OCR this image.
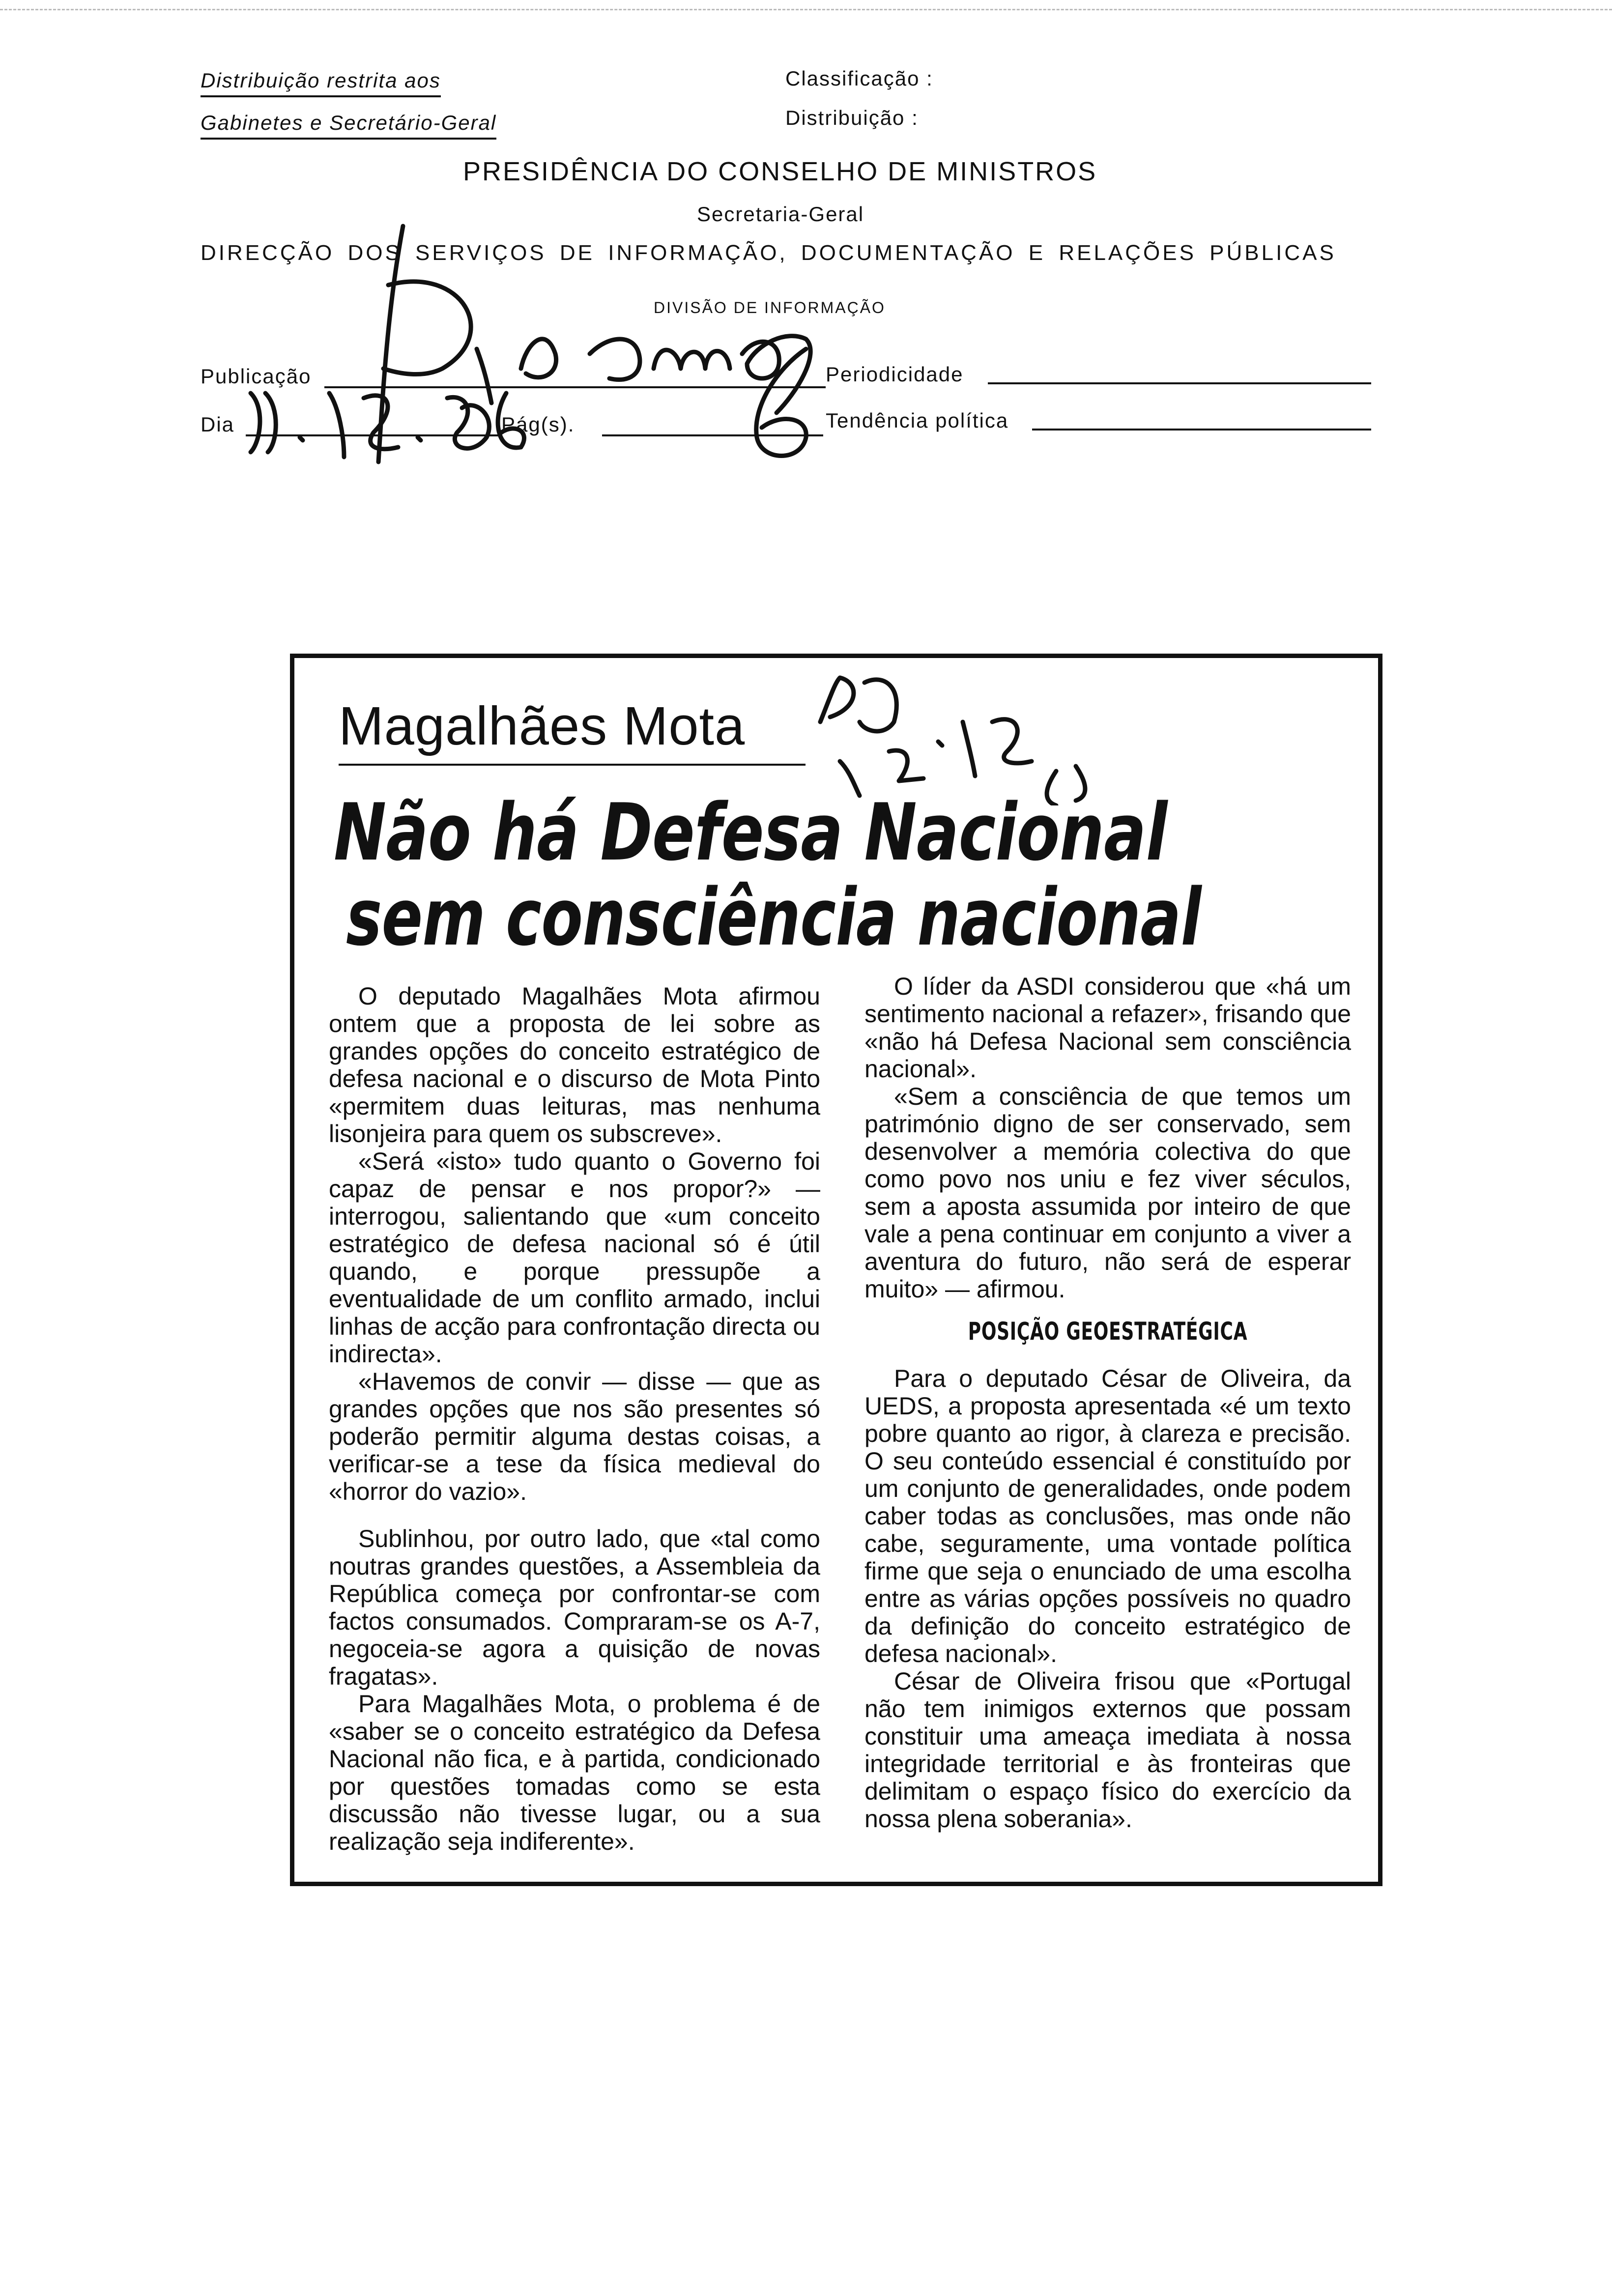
Distribuição restrita aos
Gabinetes e Secretário-Geral
Classificação :
Distribuição :
PRESIDÊNCIA DO CONSELHO DE MINISTROS
Secretaria-Geral
DIRECÇÃO DOS SERVIÇOS DE INFORMAÇÃO, DOCUMENTAÇÃO E RELAÇÕES PÚBLICAS
DIVISÃO DE INFORMAÇÃO
Publicação	Periodicidade
Dia	Pág(s).	Tendência política
Magalhães Mota
Não há Defesa Nacional
sem consciência nacional

O deputado Magalhães Mota afirmou ontem que a proposta de lei sobre as grandes opções do conceito estratégico de defesa nacional e o discurso de Mota Pinto «permitem duas leituras, mas nenhuma lisonjeira para quem os subscreve».

«Será «isto» tudo quanto o Governo foi capaz de pensar e nos propor?» — interrogou, salientando que «um conceito estratégico de defesa nacional só é útil quando, e porque pressupõe a eventualidade de um conflito armado, inclui linhas de acção para confrontação directa ou indirecta».

«Havemos de convir — disse — que as grandes opções que nos são presentes só poderão permitir alguma destas coisas, a verificar-se a tese da física medieval do «horror do vazio».

Sublinhou, por outro lado, que «tal como noutras grandes questões, a Assembleia da República começa por confrontar-se com factos consumados. Compraram-se os A-7, negoceia-se agora a quisição de novas fragatas».

Para Magalhães Mota, o problema é de «saber se o conceito estratégico da Defesa Nacional não fica, e à partida, condicionado por questões tomadas como se esta discussão não tivesse lugar, ou a sua realização seja indiferente».

O líder da ASDI considerou que «há um sentimento nacional a refazer», frisando que «não há Defesa Nacional sem consciência nacional».

«Sem a consciência de que temos um património digno de ser conservado, sem desenvolver a memória colectiva do que como povo nos uniu e fez viver séculos, sem a aposta assumida por inteiro de que vale a pena continuar em conjunto a viver a aventura do futuro, não será de esperar muito» — afirmou.

POSIÇÃO GEOESTRATÉGICA

Para o deputado César de Oliveira, da UEDS, a proposta apresentada «é um texto pobre quanto ao rigor, à clareza e precisão. O seu conteúdo essencial é constituído por um conjunto de generalidades, onde podem caber todas as conclusões, mas onde não cabe, seguramente, uma vontade política firme que seja o enunciado de uma escolha entre as várias opções possíveis no quadro da definição do conceito estratégico de defesa nacional».

César de Oliveira frisou que «Portugal não tem inimigos externos que possam constituir uma ameaça imediata à nossa integridade territorial e às fronteiras que delimitam o espaço físico do exercício da nossa plena soberania».
